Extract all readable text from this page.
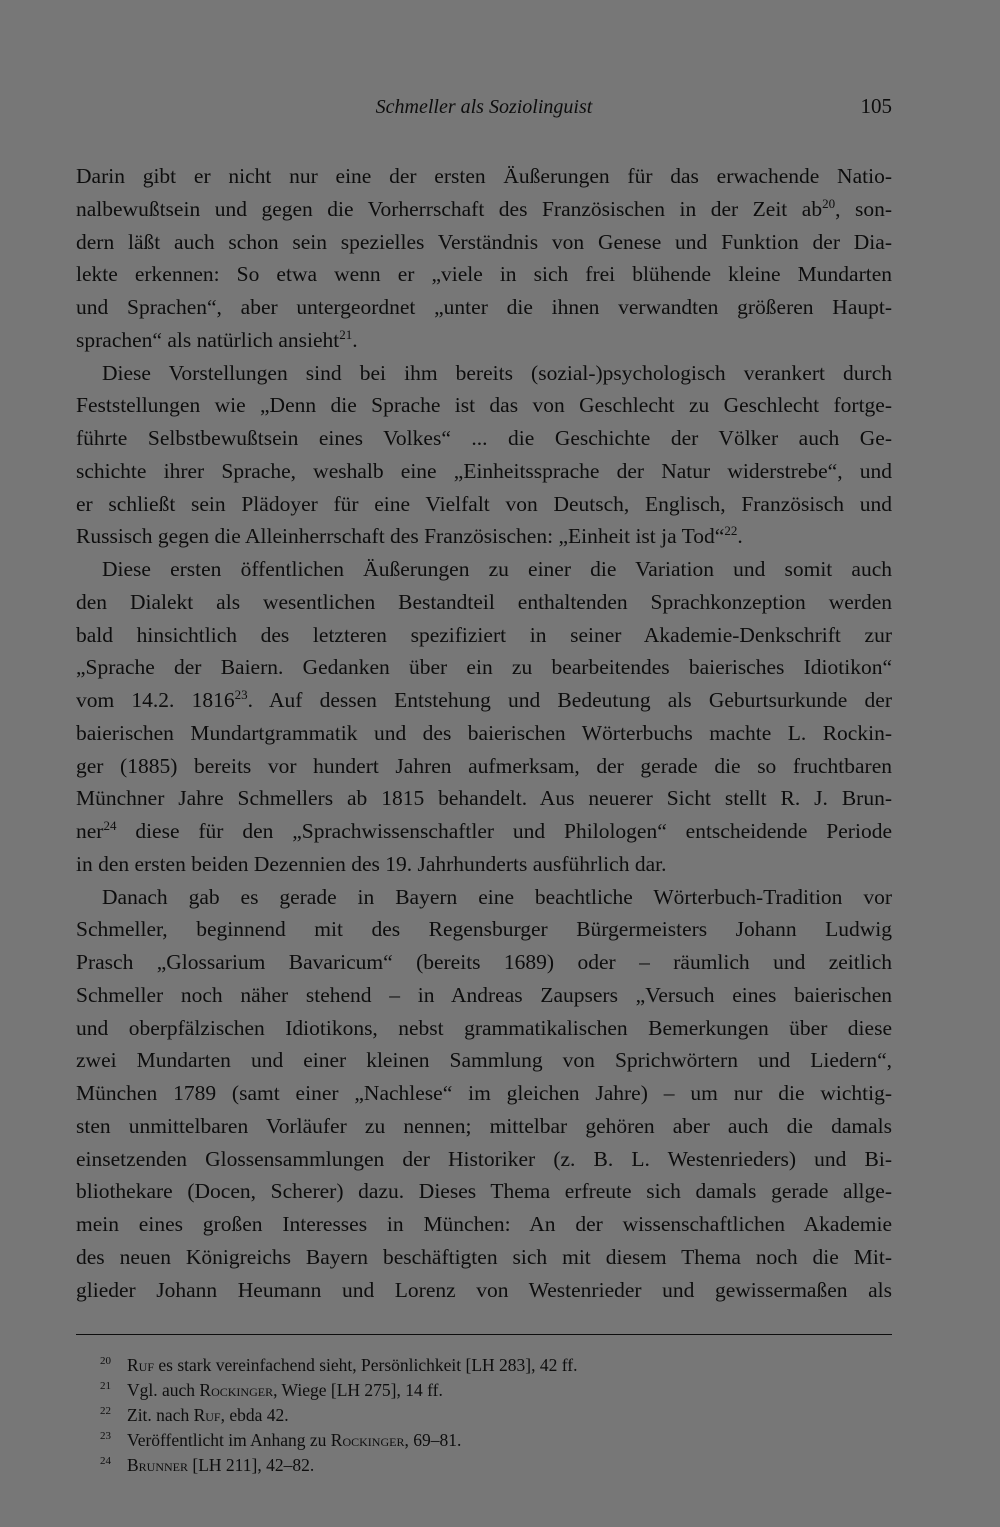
Schmeller als Soziolinguist	105
Darin gibt er nicht nur eine der ersten Äußerungen für das erwachende Natio-
nalbewußtsein und gegen die Vorherrschaft des Französischen in der Zeit $ab^{20}$, son-
dern läßt auch schon sein spezielles Verständnis von Genese und Funktion der Dia-
lekte erkennen: So etwa wenn er „viele in sich frei blühende kleine Mundarten
und Sprachen“, aber untergeordnet „unter die ihnen verwandten größeren Haupt-
sprachen“ als natürlich ansieht$^{21}$.
Diese Vorstellungen sind bei ihm bereits (sozial-)psychologisch verankert durch
Feststellungen wie „Denn die Sprache ist das von Geschlecht zu Geschlecht fortge-
führte Selbstbewußtsein eines Volkes“ ... die Geschichte der Völker auch Ge-
schichte ihrer Sprache, weshalb eine „Einheitssprache der Natur widerstrebe“, und
er schließt sein Plädoyer für eine Vielfalt von Deutsch, Englisch, Französisch und
Russisch gegen die Alleinherrschaft des Französischen: „Einheit ist ja Tod“$^{22}$.
Diese ersten öffentlichen Äußerungen zu einer die Variation und somit auch
den Dialekt als wesentlichen Bestandteil enthaltenden Sprachkonzeption werden
bald hinsichtlich des letzteren spezifiziert in seiner Akademie-Denkschrift zur
„Sprache der Baiern. Gedanken über ein zu bearbeitendes baierisches Idiotikon“
vom 14.2. 1816$^{23}$. Auf dessen Entstehung und Bedeutung als Geburtsurkunde der
baierischen Mundartgrammatik und des baierischen Wörterbuchs machte L. Rockin-
ger (1885) bereits vor hundert Jahren aufmerksam, der gerade die so fruchtbaren
Münchner Jahre Schmellers ab 1815 behandelt. Aus neuerer Sicht stellt R. J. Brun-
ner$^{24}$ diese für den „Sprachwissenschaftler und Philologen“ entscheidende Periode
in den ersten beiden Dezennien des 19. Jahrhunderts ausführlich dar.
Danach gab es gerade in Bayern eine beachtliche Wörterbuch-Tradition vor
Schmeller, beginnend mit des Regensburger Bürgermeisters Johann Ludwig
Prasch „Glossarium Bavaricum“ (bereits 1689) oder – räumlich und zeitlich
Schmeller noch näher stehend – in Andreas Zaupsers „Versuch eines baierischen
und oberpfälzischen Idiotikons, nebst grammatikalischen Bemerkungen über diese
zwei Mundarten und einer kleinen Sammlung von Sprichwörtern und Liedern“,
München 1789 (samt einer „Nachlese“ im gleichen Jahre) – um nur die wichtig-
sten unmittelbaren Vorläufer zu nennen; mittelbar gehören aber auch die damals
einsetzenden Glossensammlungen der Historiker (z. B. L. Westenrieders) und Bi-
bliothekare (Docen, Scherer) dazu. Dieses Thema erfreute sich damals gerade allge-
mein eines großen Interesses in München: An der wissenschaftlichen Akademie
des neuen Königreichs Bayern beschäftigten sich mit diesem Thema noch die Mit-
glieder Johann Heumann und Lorenz von Westenrieder und gewissermaßen als
20 Ruf es stark vereinfachend sieht, Persönlichkeit [LH 283], 42 ff.
21 Vgl. auch Rockinger, Wiege [LH 275], 14 ff.
22 Zit. nach Ruf, ebda 42.
23 Veröffentlicht im Anhang zu Rockinger, 69–81.
24 Brunner [LH 211], 42–82.
